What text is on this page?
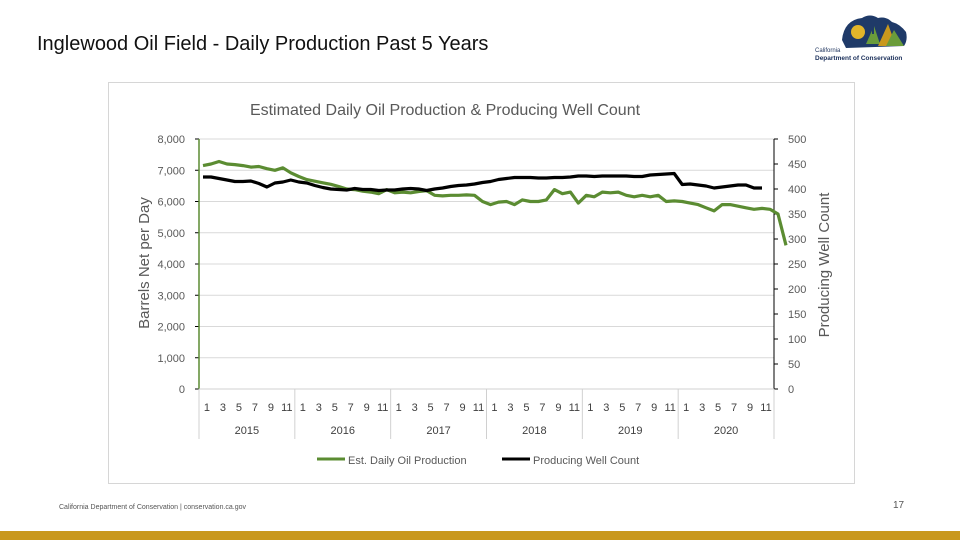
Inglewood Oil Field - Daily Production Past 5 Years	California
Department of Conservation
Estimated Daily Oil Production & Producing Well Count
0
1,000
2,000
3,000
4,000
5,000
6,000
7,000
8,000
0
50
100
150
200
250
300
350
400
450
500
1 3 5 7 9 11
2015
1 3 5 7 9 11
2016
1 3 5 7 9 11
2017
1 3 5 7 9 11
2018
1 3 5 7 9 11
2019
1 3 5 7 9 11
2020
Barrels Net per Day	Producing Well Count
Est. Daily Oil Production	Producing Well Count
California Department of Conservation | conservation.ca.gov	17
